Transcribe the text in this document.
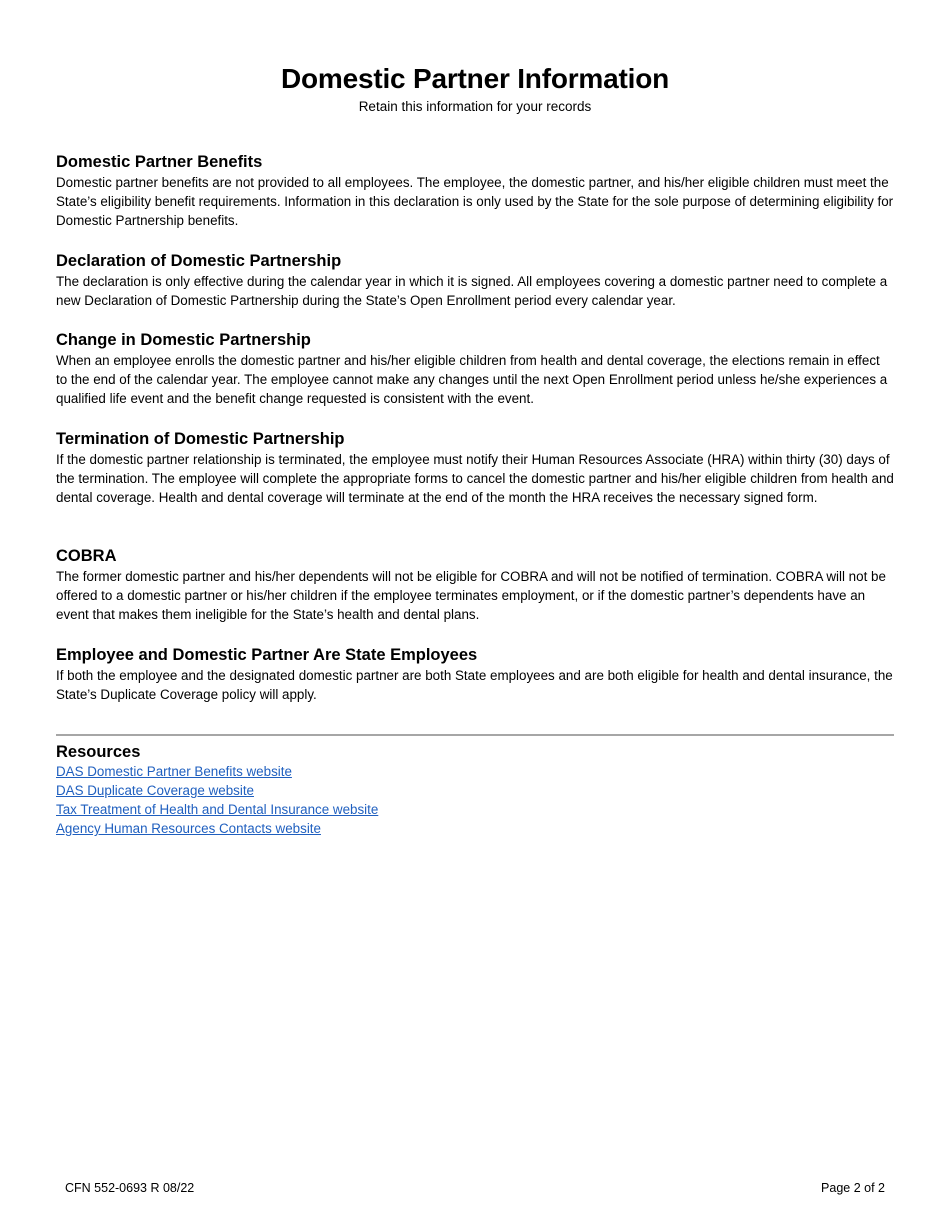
Domestic Partner Information
Retain this information for your records
Domestic Partner Benefits

Domestic partner benefits are not provided to all employees. The employee, the domestic partner, and his/her eligible children must meet the State’s eligibility benefit requirements. Information in this declaration is only used by the State for the sole purpose of determining eligibility for Domestic Partnership benefits.

Declaration of Domestic Partnership

The declaration is only effective during the calendar year in which it is signed. All employees covering a domestic partner need to complete a new Declaration of Domestic Partnership during the State’s Open Enrollment period every calendar year.

Change in Domestic Partnership

When an employee enrolls the domestic partner and his/her eligible children from health and dental coverage, the elections remain in effect to the end of the calendar year. The employee cannot make any changes until the next Open Enrollment period unless he/she experiences a qualified life event and the benefit change requested is consistent with the event.

Termination of Domestic Partnership

If the domestic partner relationship is terminated, the employee must notify their Human Resources Associate (HRA) within thirty (30) days of the termination. The employee will complete the appropriate forms to cancel the domestic partner and his/her eligible children from health and dental coverage. Health and dental coverage will terminate at the end of the month the HRA receives the necessary signed form.

COBRA

The former domestic partner and his/her dependents will not be eligible for COBRA and will not be notified of termination. COBRA will not be offered to a domestic partner or his/her children if the employee terminates employment, or if the domestic partner’s dependents have an event that makes them ineligible for the State’s health and dental plans.

Employee and Domestic Partner Are State Employees

If both the employee and the designated domestic partner are both State employees and are both eligible for health and dental insurance, the State’s Duplicate Coverage policy will apply.

Resources
DAS Domestic Partner Benefits website
DAS Duplicate Coverage website
Tax Treatment of Health and Dental Insurance website
Agency Human Resources Contacts website
CFN 552-0693 R 08/22	Page 2 of 2
